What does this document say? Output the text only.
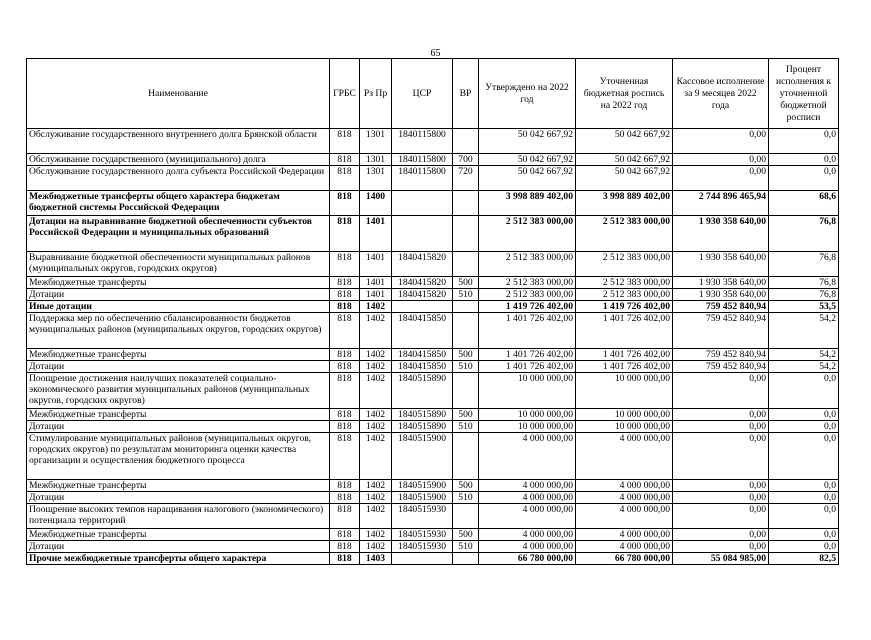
65
Наименование	ГРБС	Рз Пр	ЦСР	ВР	Утверждено на 2022 год	Уточненная бюджетная роспись на 2022 год	Кассовое исполнение за 9 месяцев 2022 года	Процент исполнения к уточненной бюджетной росписи
Обслуживание государственного внутреннего долга Брянской области	818	1301	1840115800		50 042 667,92	50 042 667,92	0,00	0,0
Обслуживание государственного (муниципального) долга	818	1301	1840115800	700	50 042 667,92	50 042 667,92	0,00	0,0
Обслуживание государственного долга субъекта Российской Федерации	818	1301	1840115800	720	50 042 667,92	50 042 667,92	0,00	0,0
Межбюджетные трансферты общего характера бюджетам бюджетной системы Российской Федерации	818	1400			3 998 889 402,00	3 998 889 402,00	2 744 896 465,94	68,6
Дотации на выравнивание бюджетной обеспеченности субъектов Российской Федерации и муниципальных образований	818	1401			2 512 383 000,00	2 512 383 000,00	1 930 358 640,00	76,8
Выравнивание бюджетной обеспеченности муниципальных районов (муниципальных округов, городских округов)	818	1401	1840415820		2 512 383 000,00	2 512 383 000,00	1 930 358 640,00	76,8
Межбюджетные трансферты	818	1401	1840415820	500	2 512 383 000,00	2 512 383 000,00	1 930 358 640,00	76,8
Дотации	818	1401	1840415820	510	2 512 383 000,00	2 512 383 000,00	1 930 358 640,00	76,8
Иные дотации	818	1402			1 419 726 402,00	1 419 726 402,00	759 452 840,94	53,5
Поддержка мер по обеспечению сбалансированности бюджетов муниципальных районов (муниципальных округов, городских округов)	818	1402	1840415850		1 401 726 402,00	1 401 726 402,00	759 452 840,94	54,2
Межбюджетные трансферты	818	1402	1840415850	500	1 401 726 402,00	1 401 726 402,00	759 452 840,94	54,2
Дотации	818	1402	1840415850	510	1 401 726 402,00	1 401 726 402,00	759 452 840,94	54,2
Поощрение достижения наилучших показателей социально-экономического развития муниципальных районов (муниципальных округов, городских округов)	818	1402	1840515890		10 000 000,00	10 000 000,00	0,00	0,0
Межбюджетные трансферты	818	1402	1840515890	500	10 000 000,00	10 000 000,00	0,00	0,0
Дотации	818	1402	1840515890	510	10 000 000,00	10 000 000,00	0,00	0,0
Стимулирование муниципальных районов (муниципальных округов, городских округов) по результатам мониторинга оценки качества организации и осуществления бюджетного процесса	818	1402	1840515900		4 000 000,00	4 000 000,00	0,00	0,0
Межбюджетные трансферты	818	1402	1840515900	500	4 000 000,00	4 000 000,00	0,00	0,0
Дотации	818	1402	1840515900	510	4 000 000,00	4 000 000,00	0,00	0,0
Поощрение высоких темпов наращивания налогового (экономического) потенциала территорий	818	1402	1840515930		4 000 000,00	4 000 000,00	0,00	0,0
Межбюджетные трансферты	818	1402	1840515930	500	4 000 000,00	4 000 000,00	0,00	0,0
Дотации	818	1402	1840515930	510	4 000 000,00	4 000 000,00	0,00	0,0
Прочие межбюджетные трансферты общего характера	818	1403			66 780 000,00	66 780 000,00	55 084 985,00	82,5
